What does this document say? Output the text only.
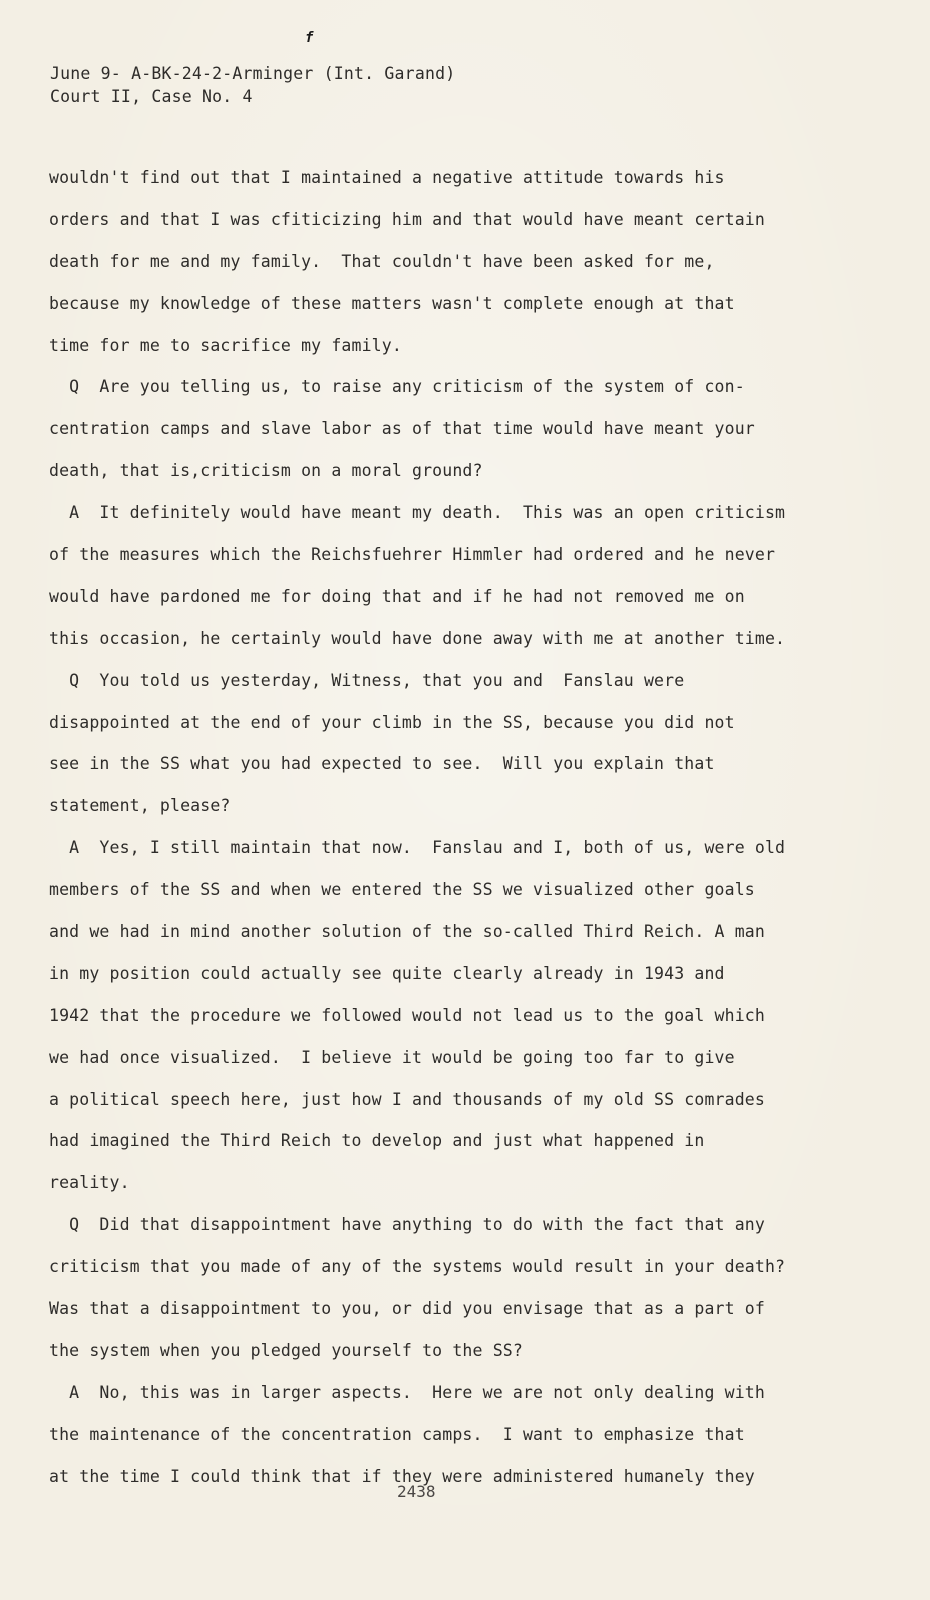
f
June 9- A-BK-24-2-Arminger (Int. Garand)
Court II, Case No. 4
wouldn't find out that I maintained a negative attitude towards his
orders and that I was cfiticizing him and that would have meant certain
death for me and my family.  That couldn't have been asked for me,
because my knowledge of these matters wasn't complete enough at that
time for me to sacrifice my family.
Q  Are you telling us, to raise any criticism of the system of con-
centration camps and slave labor as of that time would have meant your
death, that is,criticism on a moral ground?
A  It definitely would have meant my death.  This was an open criticism
of the measures which the Reichsfuehrer Himmler had ordered and he never
would have pardoned me for doing that and if he had not removed me on
this occasion, he certainly would have done away with me at another time.
Q  You told us yesterday, Witness, that you and  Fanslau were
disappointed at the end of your climb in the SS, because you did not
see in the SS what you had expected to see.  Will you explain that
statement, please?
A  Yes, I still maintain that now.  Fanslau and I, both of us, were old
members of the SS and when we entered the SS we visualized other goals
and we had in mind another solution of the so-called Third Reich. A man
in my position could actually see quite clearly already in 1943 and
1942 that the procedure we followed would not lead us to the goal which
we had once visualized.  I believe it would be going too far to give
a political speech here, just how I and thousands of my old SS comrades
had imagined the Third Reich to develop and just what happened in
reality.
Q  Did that disappointment have anything to do with the fact that any
criticism that you made of any of the systems would result in your death?
Was that a disappointment to you, or did you envisage that as a part of
the system when you pledged yourself to the SS?
A  No, this was in larger aspects.  Here we are not only dealing with
the maintenance of the concentration camps.  I want to emphasize that
at the time I could think that if they were administered humanely they
2438
